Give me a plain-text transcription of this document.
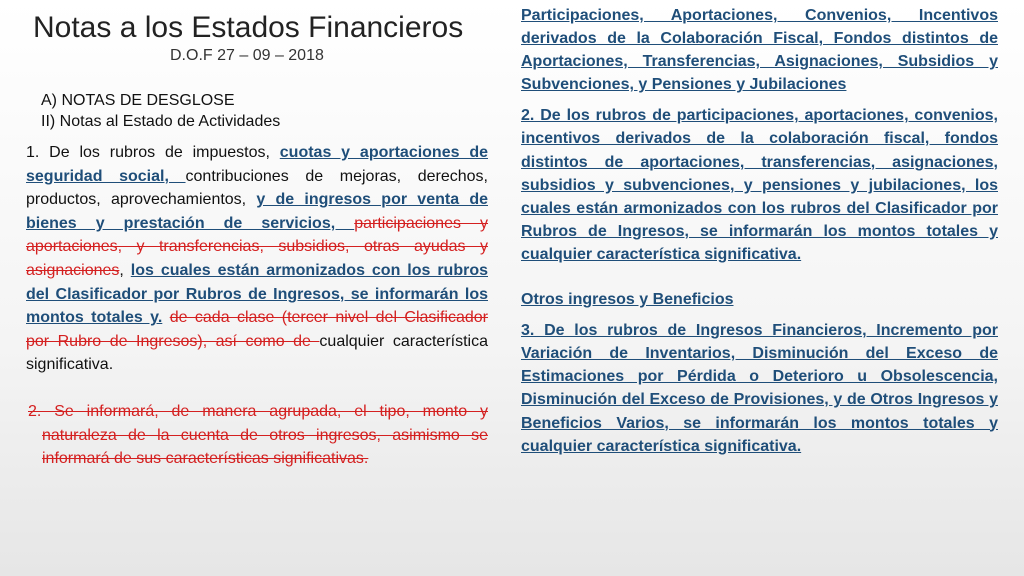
Notas a los Estados Financieros
D.O.F 27 – 09 – 2018
A) NOTAS DE DESGLOSE
II) Notas al Estado de Actividades

1. De los rubros de impuestos, cuotas y aportaciones de seguridad social, contribuciones de mejoras, derechos, productos, aprovechamientos, y de ingresos por venta de bienes y prestación de servicios, participaciones y aportaciones, y transferencias, subsidios, otras ayudas y asignaciones, los cuales están armonizados con los rubros del Clasificador por Rubros de Ingresos, se informarán los montos totales y. de cada clase (tercer nivel del Clasificador por Rubro de Ingresos), así como de cualquier característica significativa.

2. Se informará, de manera agrupada, el tipo, monto y naturaleza de la cuenta de otros ingresos, asimismo se informará de sus características significativas.

Participaciones, Aportaciones, Convenios, Incentivos derivados de la Colaboración Fiscal, Fondos distintos de Aportaciones, Transferencias, Asignaciones, Subsidios y Subvenciones, y Pensiones y Jubilaciones

2. De los rubros de participaciones, aportaciones, convenios, incentivos derivados de la colaboración fiscal, fondos distintos de aportaciones, transferencias, asignaciones, subsidios y subvenciones, y pensiones y jubilaciones, los cuales están armonizados con los rubros del Clasificador por Rubros de Ingresos, se informarán los montos totales y cualquier característica significativa.

Otros ingresos y Beneficios

3. De los rubros de Ingresos Financieros, Incremento por Variación de Inventarios, Disminución del Exceso de Estimaciones por Pérdida o Deterioro u Obsolescencia, Disminución del Exceso de Provisiones, y de Otros Ingresos y Beneficios Varios, se informarán los montos totales y cualquier característica significativa.
